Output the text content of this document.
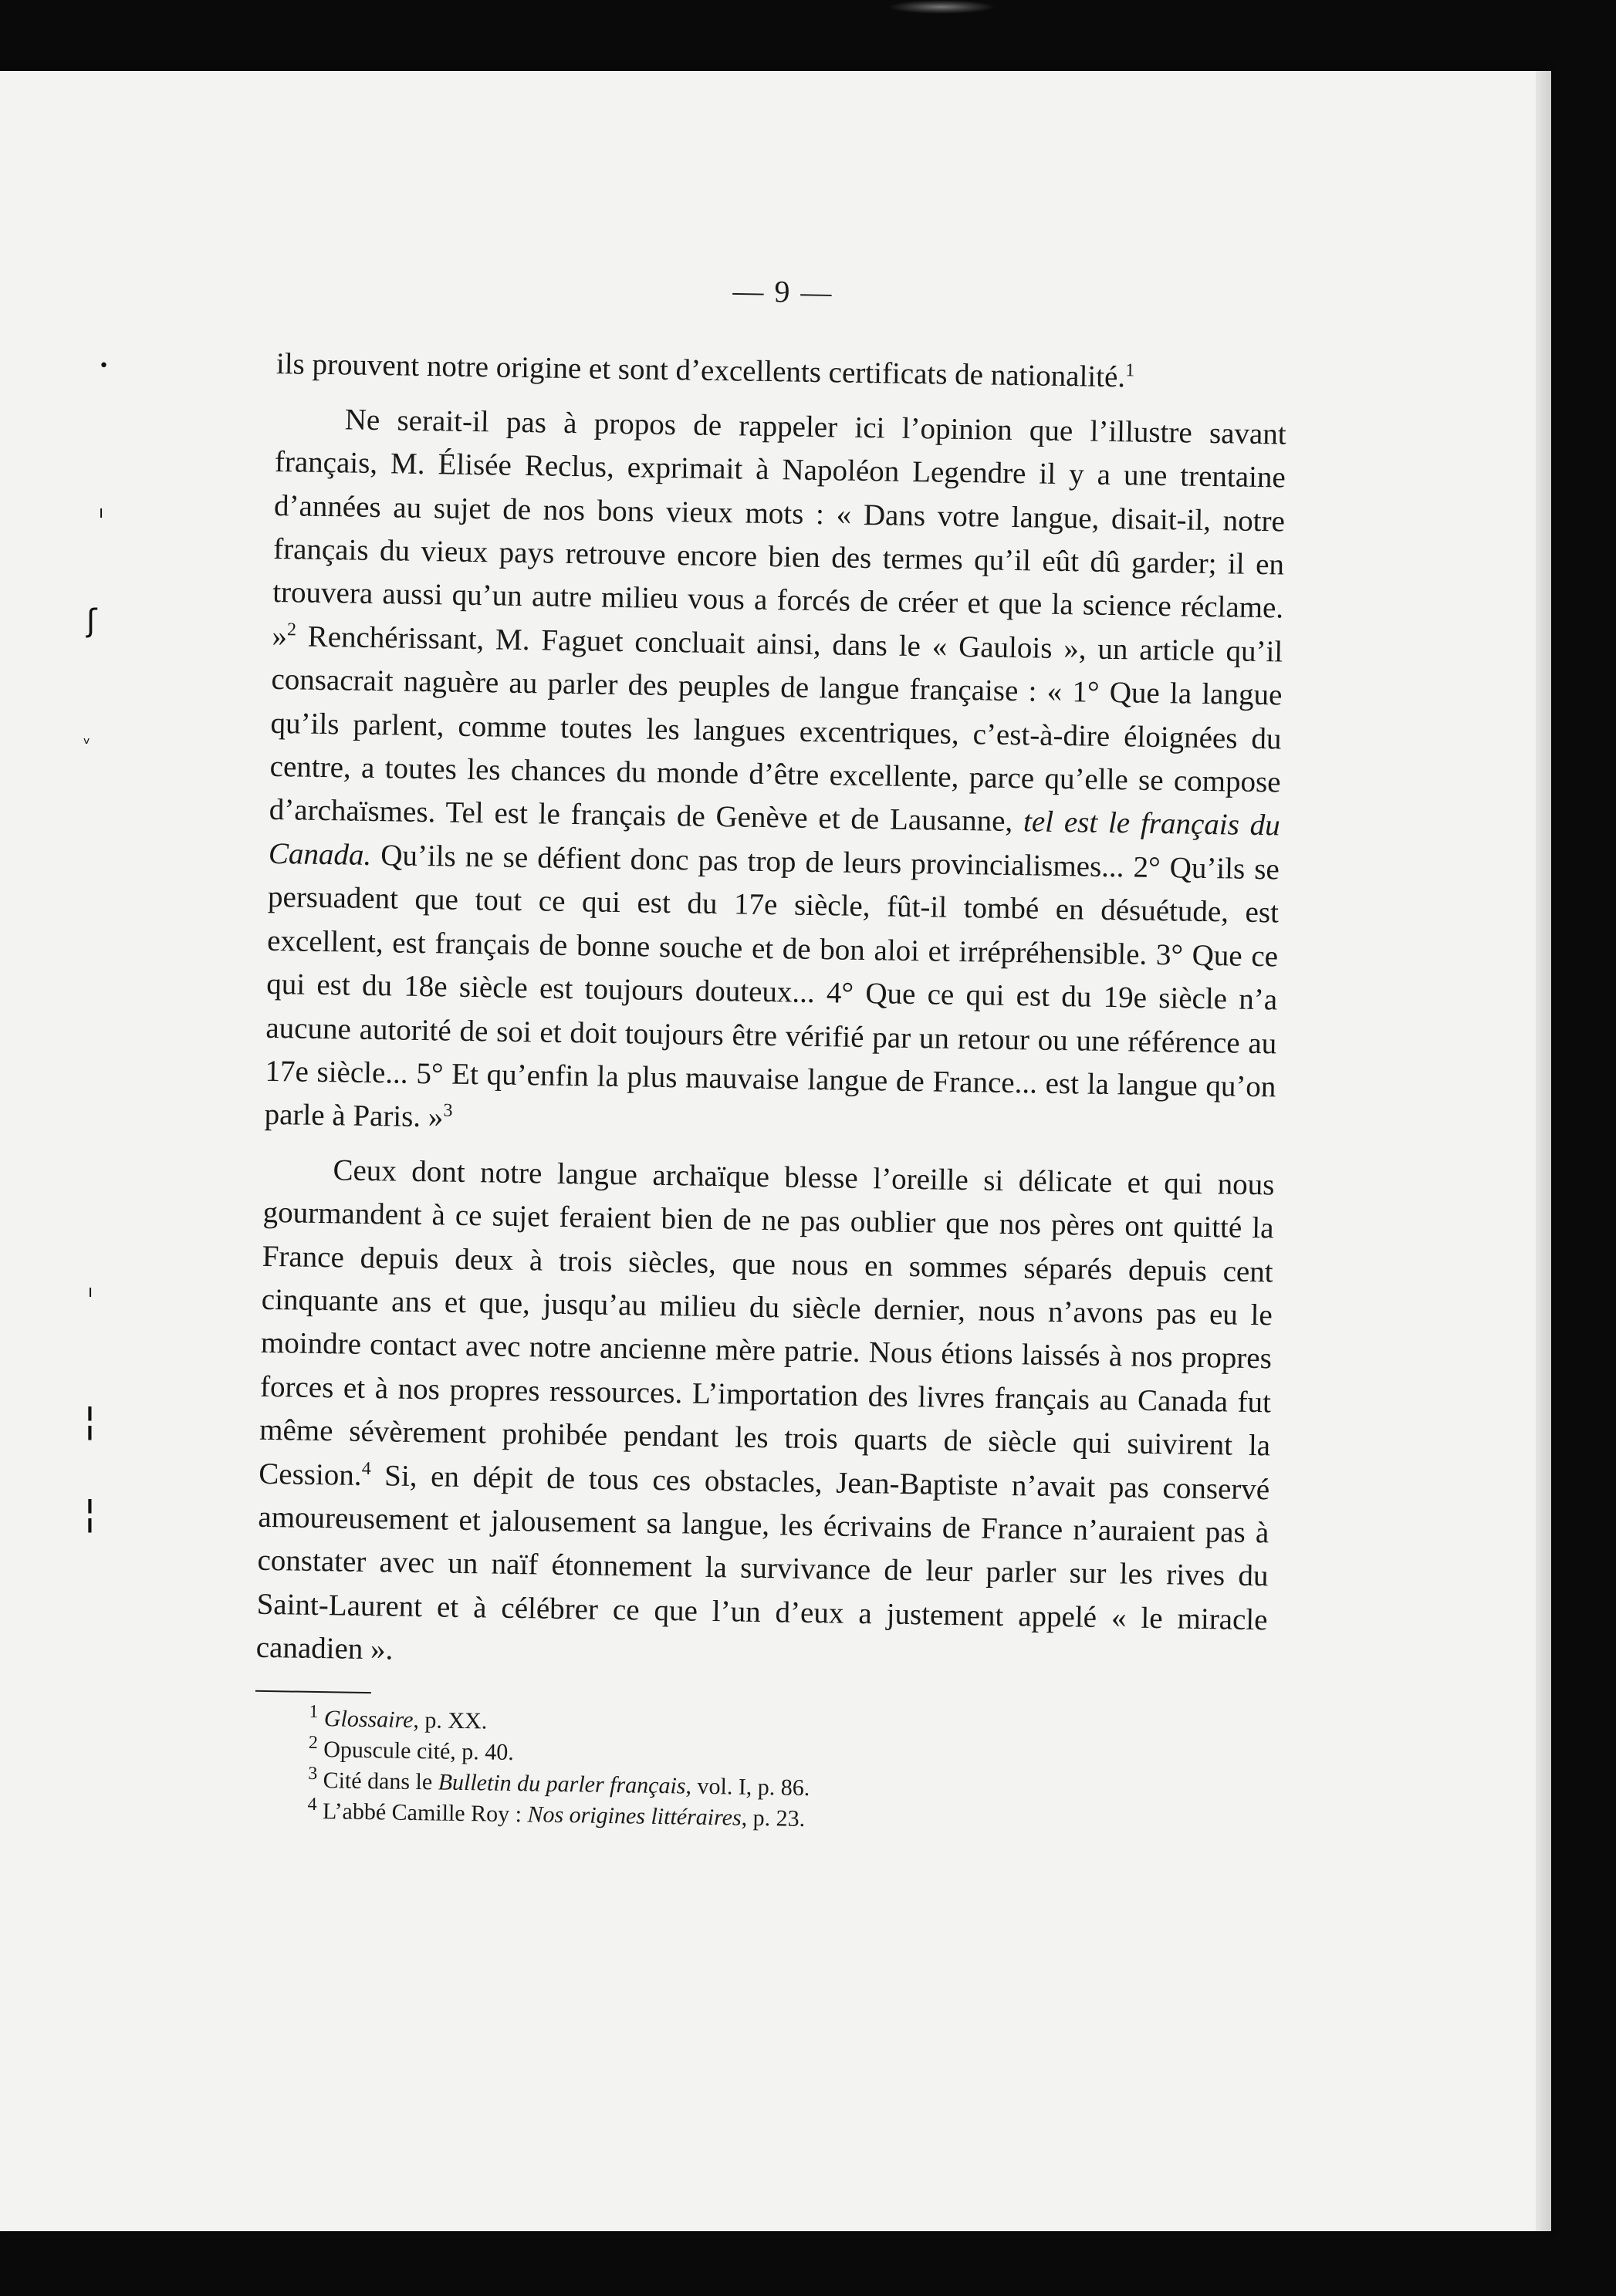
•
ı
ʃ
ᵛ
ı
¦
¦
— 9 —

ils prouvent notre origine et sont d’excellents certificats de nationalité.$^1$

Ne serait-il pas à propos de rappeler ici l’opinion que l’illustre savant français, M. Élisée Reclus, exprimait à Napoléon Legendre il y a une trentaine d’années au sujet de nos bons vieux mots : « Dans votre langue, disait-il, notre français du vieux pays retrouve encore bien des termes qu’il eût dû garder; il en trouvera aussi qu’un autre milieu vous a forcés de créer et que la science réclame. »$^2$ Renchérissant, M. Faguet concluait ainsi, dans le « Gaulois », un article qu’il consacrait naguère au parler des peuples de langue française : « 1° Que la langue qu’ils parlent, comme toutes les langues excentriques, c’est-à-dire éloignées du centre, a toutes les chances du monde d’être excellente, parce qu’elle se compose d’archaïsmes. Tel est le français de Genève et de Lausanne, tel est le français du Canada. Qu’ils ne se défient donc pas trop de leurs provincialismes... 2° Qu’ils se persuadent que tout ce qui est du 17e siècle, fût-il tombé en désuétude, est excellent, est français de bonne souche et de bon aloi et irrépréhensible. 3° Que ce qui est du 18e siècle est toujours douteux... 4° Que ce qui est du 19e siècle n’a aucune autorité de soi et doit toujours être vérifié par un retour ou une référence au 17e siècle... 5° Et qu’enfin la plus mauvaise langue de France... est la langue qu’on parle à Paris. »$^3$

Ceux dont notre langue archaïque blesse l’oreille si délicate et qui nous gourmandent à ce sujet feraient bien de ne pas oublier que nos pères ont quitté la France depuis deux à trois siècles, que nous en sommes séparés depuis cent cinquante ans et que, jusqu’au milieu du siècle dernier, nous n’avons pas eu le moindre contact avec notre ancienne mère patrie. Nous étions laissés à nos propres forces et à nos propres ressources. L’importation des livres français au Canada fut même sévèrement prohibée pendant les trois quarts de siècle qui suivirent la Cession.$^4$ Si, en dépit de tous ces obstacles, Jean-Baptiste n’avait pas conservé amoureusement et jalousement sa langue, les écrivains de France n’auraient pas à constater avec un naïf étonnement la survivance de leur parler sur les rives du Saint-Laurent et à célébrer ce que l’un d’eux a justement appelé « le miracle canadien ».

$^1$ Glossaire, p. XX.
$^2$ Opuscule cité, p. 40.
$^3$ Cité dans le Bulletin du parler français, vol. I, p. 86.
$^4$ L’abbé Camille Roy : Nos origines littéraires, p. 23.
